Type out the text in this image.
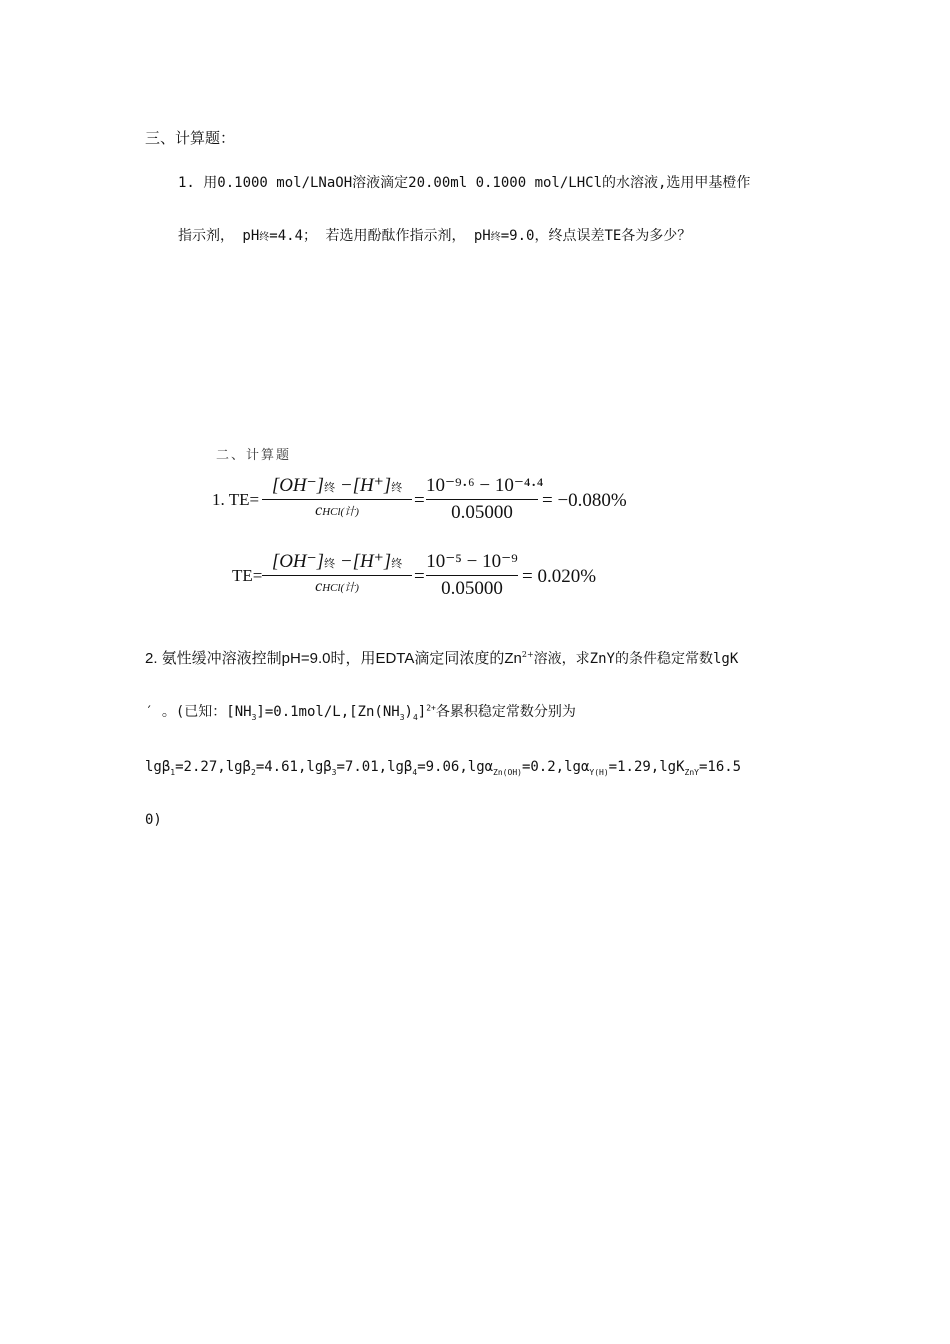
三、计算题：
1. 用0.1000 mol/LNaOH溶液滴定20.00ml 0.1000 mol/LHCl的水溶液,选用甲基橙作
指示剂， pH终=4.4； 若选用酚酞作指示剂， pH终=9.0，终点误差TE各为多少？
二、计算题
1. TE=
[OH⁻]终 −[H⁺]终
cHCl(计)
=
10⁻⁹·⁶ − 10⁻⁴·⁴
0.05000
= −0.080%
TE=
[OH⁻]终 −[H⁺]终
cHCl(计)
=
10⁻⁵ − 10⁻⁹
0.05000
= 0.020%
2. 氨性缓冲溶液控制pH=9.0时，用EDTA滴定同浓度的$Zn^{2+}$溶液，求ZnY的条件稳定常数lgK
′ 。(已知：$[NH_3]=0.1mol/L,[Zn(NH_3)_4]^{2+}$各累积稳定常数分别为
lgβ$_1$=2.27,lgβ$_2$=4.61,lgβ$_3$=7.01,lgβ$_4$=9.06,lgα$_{Zn(OH)}$=0.2,lgα$_{Y(H)}$=1.29,lgK$_{ZnY}$=16.5
0)
